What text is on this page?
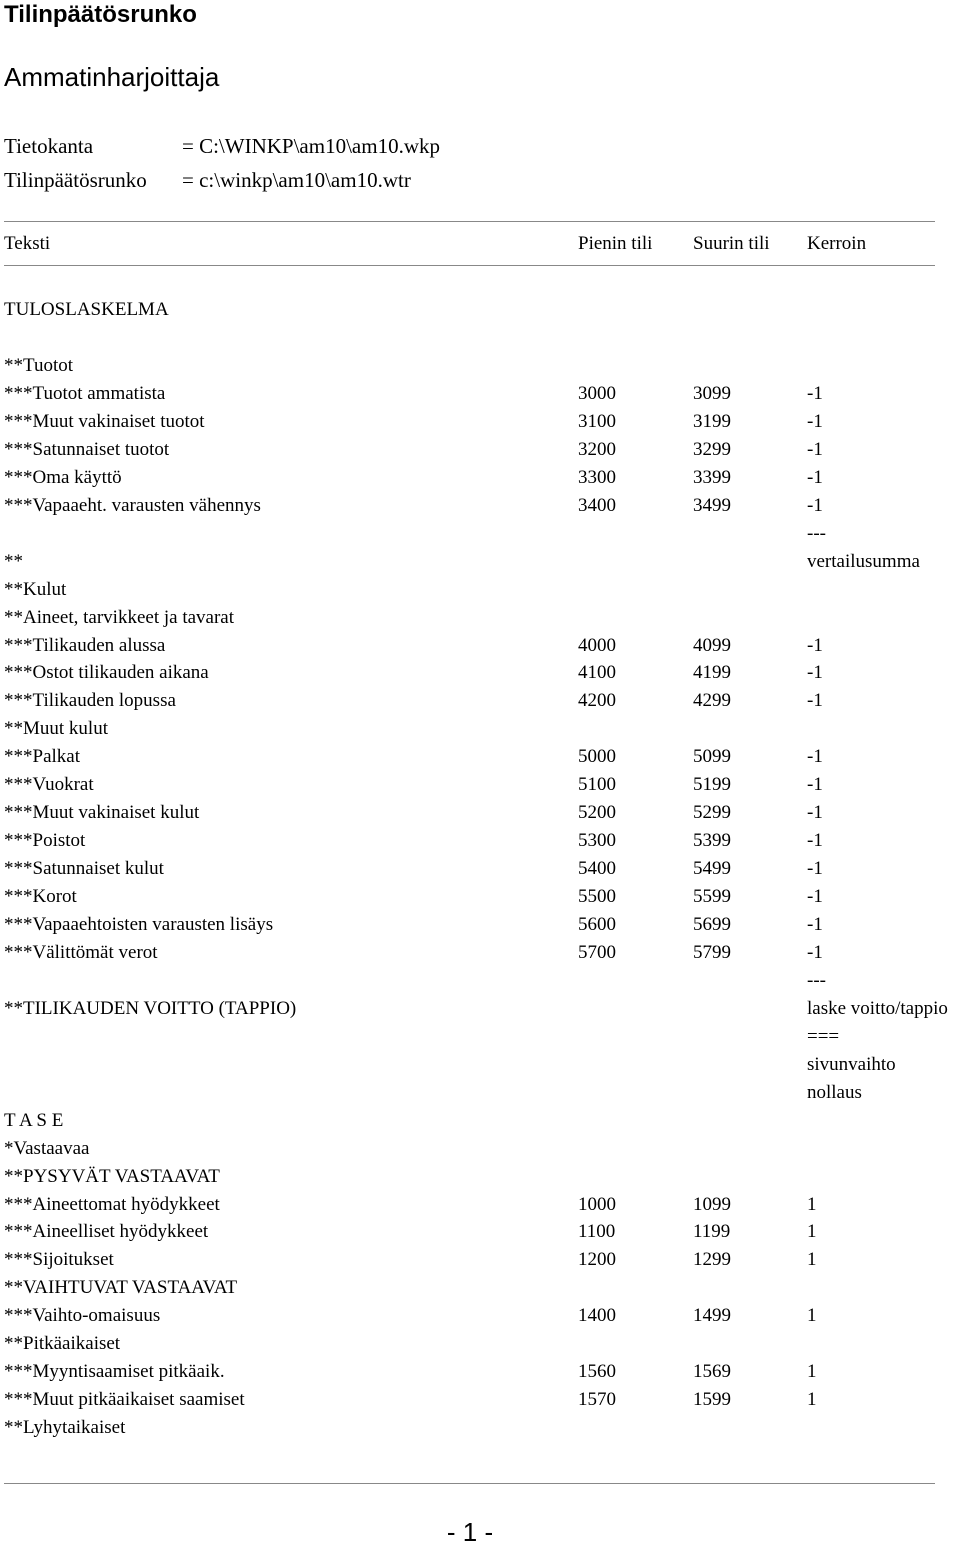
Tilinpäätösrunko
Ammatinharjoittaja
Tietokanta	= C:\WINKP\am10\am10.wkp
Tilinpäätösrunko = c:\winkp\am10\am10.wtr
Teksti	Pienin tili Suurin tili Kerroin
TULOSLASKELMA
**Tuotot
***Tuotot ammatista	3000	3099	-1
***Muut vakinaiset tuotot	3100	3199	-1
***Satunnaiset tuotot	3200	3299	-1
***Oma käyttö	3300	3399	-1
***Vapaaeht. varausten vähennys	3400	3499	-1
---
**	vertailusumma
**Kulut
**Aineet, tarvikkeet ja tavarat
***Tilikauden alussa	4000	4099	-1
***Ostot tilikauden aikana	4100	4199	-1
***Tilikauden lopussa	4200	4299	-1
**Muut kulut
***Palkat	5000	5099	-1
***Vuokrat	5100	5199	-1
***Muut vakinaiset kulut	5200	5299	-1
***Poistot	5300	5399	-1
***Satunnaiset kulut	5400	5499	-1
***Korot	5500	5599	-1
***Vapaaehtoisten varausten lisäys	5600	5699	-1
***Välittömät verot	5700	5799	-1
---
**TILIKAUDEN VOITTO (TAPPIO)	laske voitto/tappio
===
sivunvaihto
nollaus
T A S E
*Vastaavaa
**PYSYVÄT VASTAAVAT
***Aineettomat hyödykkeet	1000	1099	1
***Aineelliset hyödykkeet	1100	1199	1
***Sijoitukset	1200	1299	1
**VAIHTUVAT VASTAAVAT
***Vaihto-omaisuus	1400	1499	1
**Pitkäaikaiset
***Myyntisaamiset pitkäaik.	1560	1569	1
***Muut pitkäaikaiset saamiset	1570	1599	1
**Lyhytaikaiset
- 1 -
